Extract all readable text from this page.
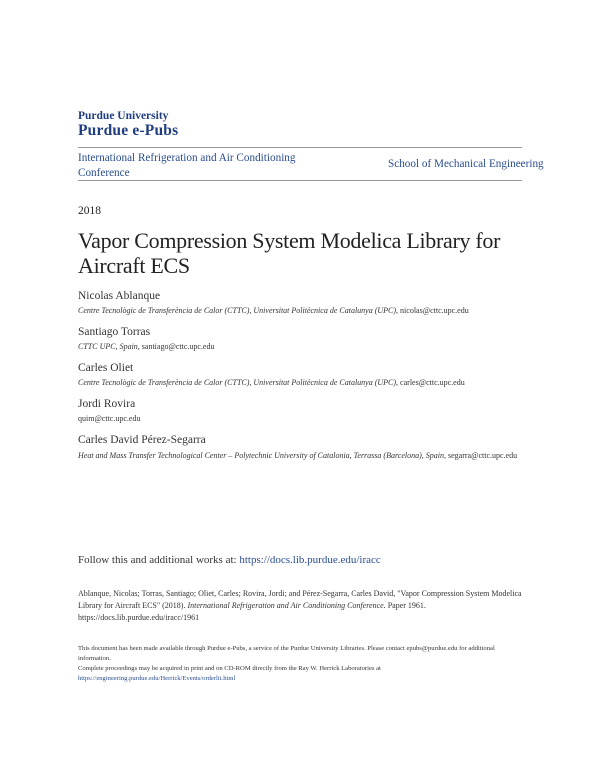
Purdue University
Purdue e-Pubs
International Refrigeration and Air Conditioning Conference
School of Mechanical Engineering
2018
Vapor Compression System Modelica Library for Aircraft ECS
Nicolas Ablanque
Centre Tecnològic de Transferència de Calor (CTTC), Universitat Politècnica de Catalunya (UPC), nicolas@cttc.upc.edu
Santiago Torras
CTTC UPC, Spain, santiago@cttc.upc.edu
Carles Oliet
Centre Tecnològic de Transferència de Calor (CTTC), Universitat Politècnica de Catalunya (UPC), carles@cttc.upc.edu
Jordi Rovira
quim@cttc.upc.edu
Carles David Pérez-Segarra
Heat and Mass Transfer Technological Center – Polytechnic University of Catalonia, Terrassa (Barcelona), Spain, segarra@cttc.upc.edu
Follow this and additional works at: https://docs.lib.purdue.edu/iracc
Ablanque, Nicolas; Torras, Santiago; Oliet, Carles; Rovira, Jordi; and Pérez-Segarra, Carles David, "Vapor Compression System Modelica Library for Aircraft ECS" (2018). International Refrigeration and Air Conditioning Conference. Paper 1961.
https://docs.lib.purdue.edu/iracc/1961
This document has been made available through Purdue e-Pubs, a service of the Purdue University Libraries. Please contact epubs@purdue.edu for additional information.
Complete proceedings may be acquired in print and on CD-ROM directly from the Ray W. Herrick Laboratories at https://engineering.purdue.edu/Herrick/Events/orderlit.html
